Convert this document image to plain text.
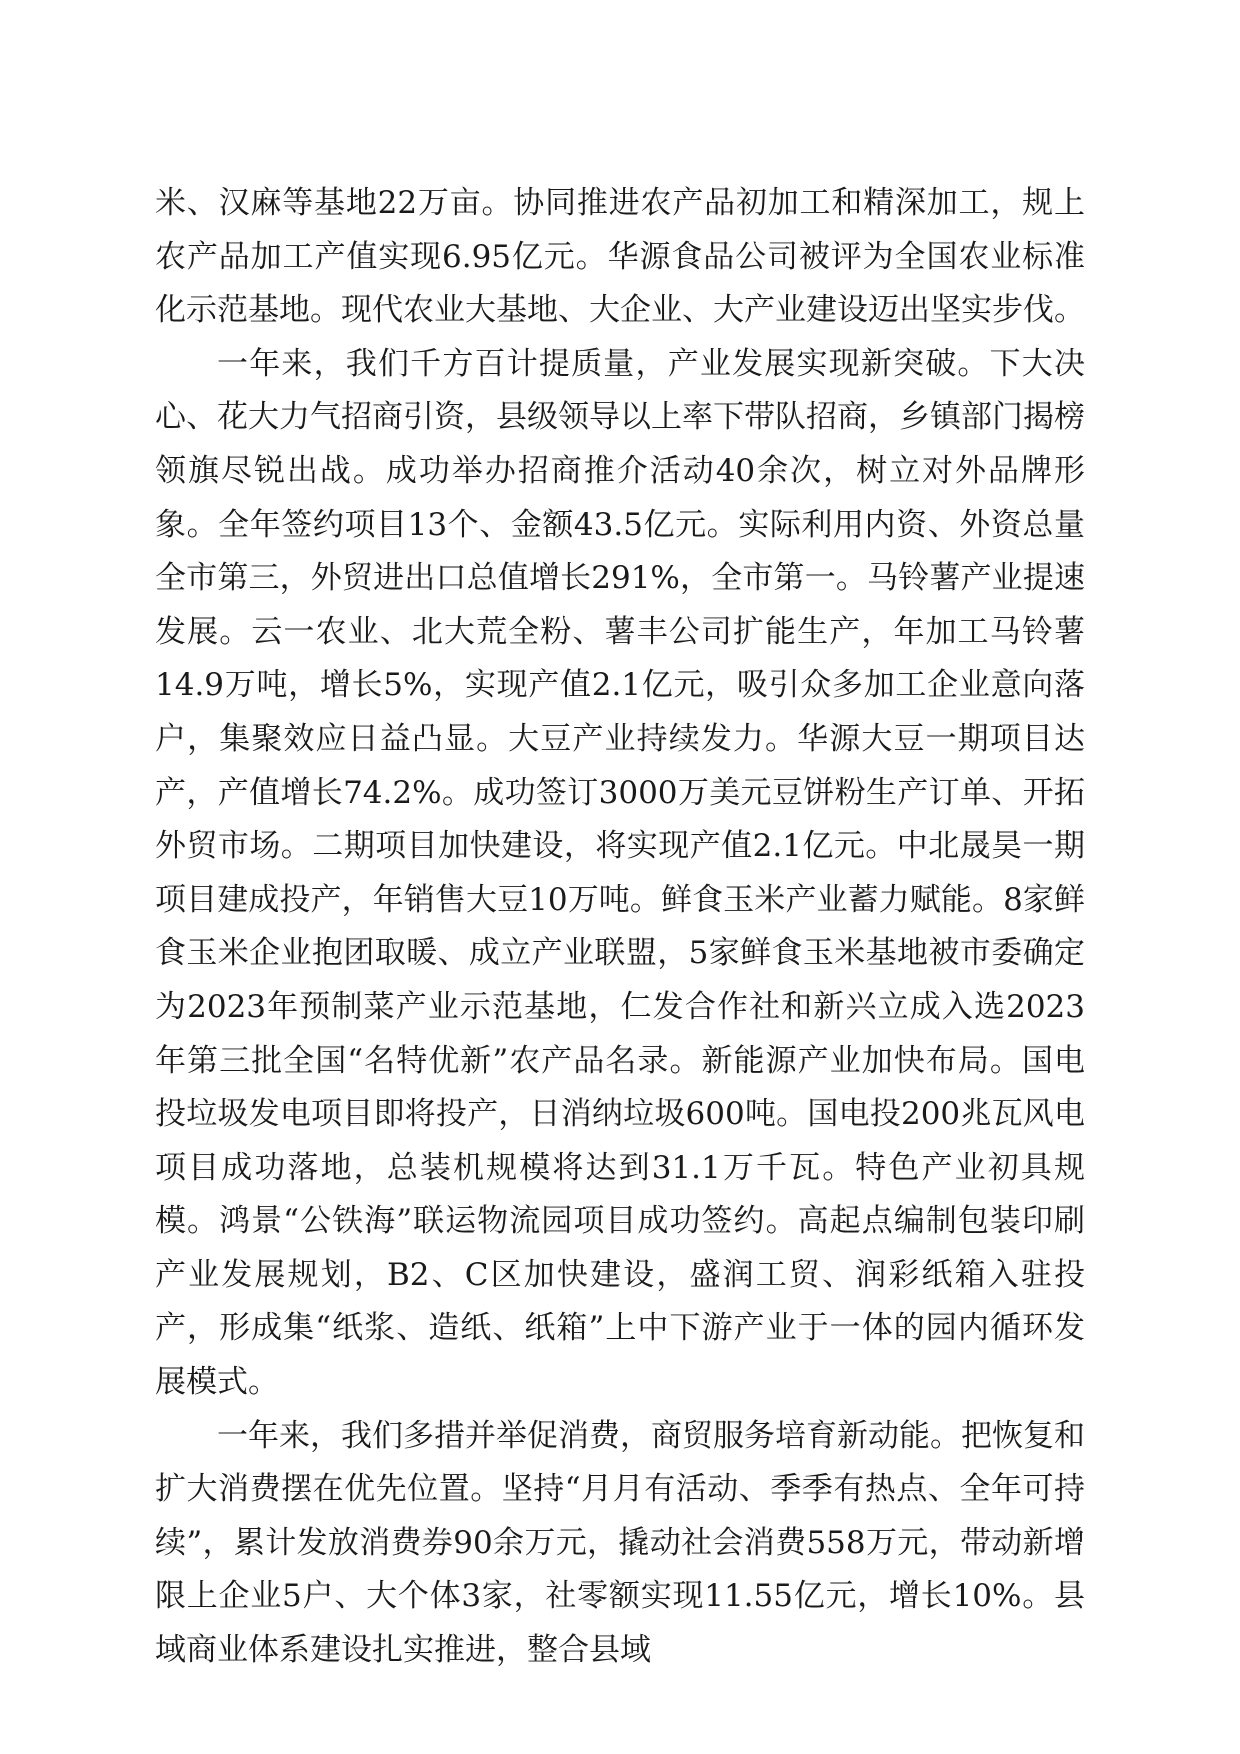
米、汉麻等基地22万亩。协同推进农产品初加工和精深加工，规上农产品加工产值实现6.95亿元。华源食品公司被评为全国农业标准化示范基地。现代农业大基地、大企业、大产业建设迈出坚实步伐。

一年来，我们千方百计提质量，产业发展实现新突破。下大决心、花大力气招商引资，县级领导以上率下带队招商，乡镇部门揭榜领旗尽锐出战。成功举办招商推介活动40余次，树立对外品牌形象。全年签约项目13个、金额43.5亿元。实际利用内资、外资总量全市第三，外贸进出口总值增长291%，全市第一。马铃薯产业提速发展。云一农业、北大荒全粉、薯丰公司扩能生产，年加工马铃薯14.9万吨，增长5%，实现产值2.1亿元，吸引众多加工企业意向落户，集聚效应日益凸显。大豆产业持续发力。华源大豆一期项目达产，产值增长74.2%。成功签订3000万美元豆饼粉生产订单、开拓外贸市场。二期项目加快建设，将实现产值2.1亿元。中北晟昊一期项目建成投产，年销售大豆10万吨。鲜食玉米产业蓄力赋能。8家鲜食玉米企业抱团取暖、成立产业联盟，5家鲜食玉米基地被市委确定为2023年预制菜产业示范基地，仁发合作社和新兴立成入选2023年第三批全国“名特优新”农产品名录。新能源产业加快布局。国电投垃圾发电项目即将投产，日消纳垃圾600吨。国电投200兆瓦风电项目成功落地，总装机规模将达到31.1万千瓦。特色产业初具规模。鸿景“公铁海”联运物流园项目成功签约。高起点编制包装印刷产业发展规划，B2、C区加快建设，盛润工贸、润彩纸箱入驻投产，形成集“纸浆、造纸、纸箱”上中下游产业于一体的园内循环发展模式。

一年来，我们多措并举促消费，商贸服务培育新动能。把恢复和扩大消费摆在优先位置。坚持“月月有活动、季季有热点、全年可持续”，累计发放消费券90余万元，撬动社会消费558万元，带动新增限上企业5户、大个体3家，社零额实现11.55亿元，增长10%。县域商业体系建设扎实推进，整合县域
